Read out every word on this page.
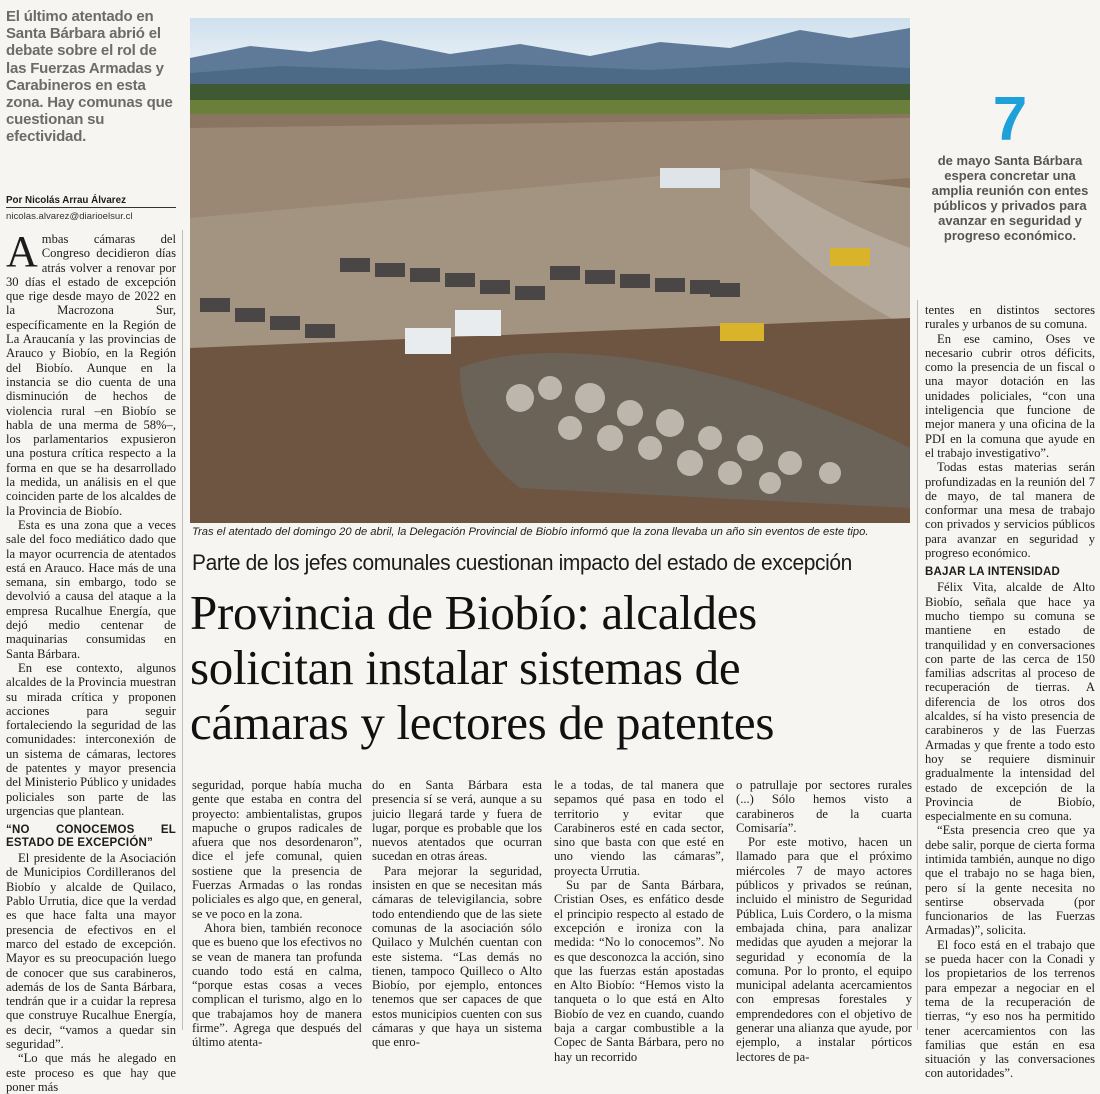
El último atentado en Santa Bárbara abrió el debate sobre el rol de las Fuerzas Armadas y Carabineros en esta zona. Hay comunas que cuestionan su efectividad.
Por Nicolás Arrau Álvarez
nicolas.alvarez@diarioelsur.cl
Tras el atentado del domingo 20 de abril, la Delegación Provincial de Biobío informó que la zona llevaba un año sin eventos de este tipo.
7
de mayo Santa Bárbara espera concretar una amplia reunión con entes públicos y privados para avanzar en seguridad y progreso económico.
Parte de los jefes comunales cuestionan impacto del estado de excepción
Provincia de Biobío: alcaldes
solicitan instalar sistemas de
cámaras y lectores de patentes

Ambas cámaras del Congreso decidieron días atrás volver a renovar por 30 días el estado de excepción que rige desde mayo de 2022 en la Macrozona Sur, específicamente en la Región de La Araucanía y las provincias de Arauco y Biobío, en la Región del Biobío. Aunque en la instancia se dio cuenta de una disminución de hechos de violencia rural –en Biobío se habla de una merma de 58%–, los parlamentarios expusieron una postura crítica respecto a la forma en que se ha desarrollado la medida, un análisis en el que coinciden parte de los alcaldes de la Provincia de Biobío.

Esta es una zona que a veces sale del foco mediático dado que la mayor ocurrencia de atentados está en Arauco. Hace más de una semana, sin embargo, todo se devolvió a causa del ataque a la empresa Rucalhue Energía, que dejó medio centenar de maquinarias consumidas en Santa Bárbara.

En ese contexto, algunos alcaldes de la Provincia muestran su mirada crítica y proponen acciones para seguir fortaleciendo la seguridad de las comunidades: interconexión de un sistema de cámaras, lectores de patentes y mayor presencia del Ministerio Público y unidades policiales son parte de las urgencias que plantean.

“NO CONOCEMOS EL ESTADO DE EXCEPCIÓN”

El presidente de la Asociación de Municipios Cordilleranos del Biobío y alcalde de Quilaco, Pablo Urrutia, dice que la verdad es que hace falta una mayor presencia de efectivos en el marco del estado de excepción. Mayor es su preocupación luego de conocer que sus carabineros, además de los de Santa Bárbara, tendrán que ir a cuidar la represa que construye Rucalhue Energía, es decir, “vamos a quedar sin seguridad”.

“Lo que más he alegado en este proceso es que hay que poner más

seguridad, porque había mucha gente que estaba en contra del proyecto: ambientalistas, grupos mapuche o grupos radicales de afuera que nos desordenaron”, dice el jefe comunal, quien sostiene que la presencia de Fuerzas Armadas o las rondas policiales es algo que, en general, se ve poco en la zona.

Ahora bien, también reconoce que es bueno que los efectivos no se vean de manera tan profunda cuando todo está en calma, “porque estas cosas a veces complican el turismo, algo en lo que trabajamos hoy de manera firme”. Agrega que después del último atenta-

do en Santa Bárbara esta presencia sí se verá, aunque a su juicio llegará tarde y fuera de lugar, porque es probable que los nuevos atentados que ocurran sucedan en otras áreas.

Para mejorar la seguridad, insisten en que se necesitan más cámaras de televigilancia, sobre todo entendiendo que de las siete comunas de la asociación sólo Quilaco y Mulchén cuentan con este sistema. “Las demás no tienen, tampoco Quilleco o Alto Biobío, por ejemplo, entonces tenemos que ser capaces de que estos municipios cuenten con sus cámaras y que haya un sistema que enro-

le a todas, de tal manera que sepamos qué pasa en todo el territorio y evitar que Carabineros esté en cada sector, sino que basta con que esté en uno viendo las cámaras”, proyecta Urrutia.

Su par de Santa Bárbara, Cristian Oses, es enfático desde el principio respecto al estado de excepción e ironiza con la medida: “No lo conocemos”. No es que desconozca la acción, sino que las fuerzas están apostadas en Alto Biobío: “Hemos visto la tanqueta o lo que está en Alto Biobío de vez en cuando, cuando baja a cargar combustible a la Copec de Santa Bárbara, pero no hay un recorrido

o patrullaje por sectores rurales (...) Sólo hemos visto a carabineros de la cuarta Comisaría”.

Por este motivo, hacen un llamado para que el próximo miércoles 7 de mayo actores públicos y privados se reúnan, incluido el ministro de Seguridad Pública, Luis Cordero, o la misma embajada china, para analizar medidas que ayuden a mejorar la seguridad y economía de la comuna. Por lo pronto, el equipo municipal adelanta acercamientos con empresas forestales y emprendedores con el objetivo de generar una alianza que ayude, por ejemplo, a instalar pórticos lectores de pa-

tentes en distintos sectores rurales y urbanos de su comuna.

En ese camino, Oses ve necesario cubrir otros déficits, como la presencia de un fiscal o una mayor dotación en las unidades policiales, “con una inteligencia que funcione de mejor manera y una oficina de la PDI en la comuna que ayude en el trabajo investigativo”.

Todas estas materias serán profundizadas en la reunión del 7 de mayo, de tal manera de conformar una mesa de trabajo con privados y servicios públicos para avanzar en seguridad y progreso económico.

BAJAR LA INTENSIDAD

Félix Vita, alcalde de Alto Biobío, señala que hace ya mucho tiempo su comuna se mantiene en estado de tranquilidad y en conversaciones con parte de las cerca de 150 familias adscritas al proceso de recuperación de tierras. A diferencia de los otros dos alcaldes, sí ha visto presencia de carabineros y de las Fuerzas Armadas y que frente a todo esto hoy se requiere disminuir gradualmente la intensidad del estado de excepción de la Provincia de Biobío, especialmente en su comuna.

“Esta presencia creo que ya debe salir, porque de cierta forma intimida también, aunque no digo que el trabajo no se haga bien, pero sí la gente necesita no sentirse observada (por funcionarios de las Fuerzas Armadas)”, solicita.

El foco está en el trabajo que se pueda hacer con la Conadi y los propietarios de los terrenos para empezar a negociar en el tema de la recuperación de tierras, “y eso nos ha permitido tener acercamientos con las familias que están en esa situación y las conversaciones con autoridades”.
